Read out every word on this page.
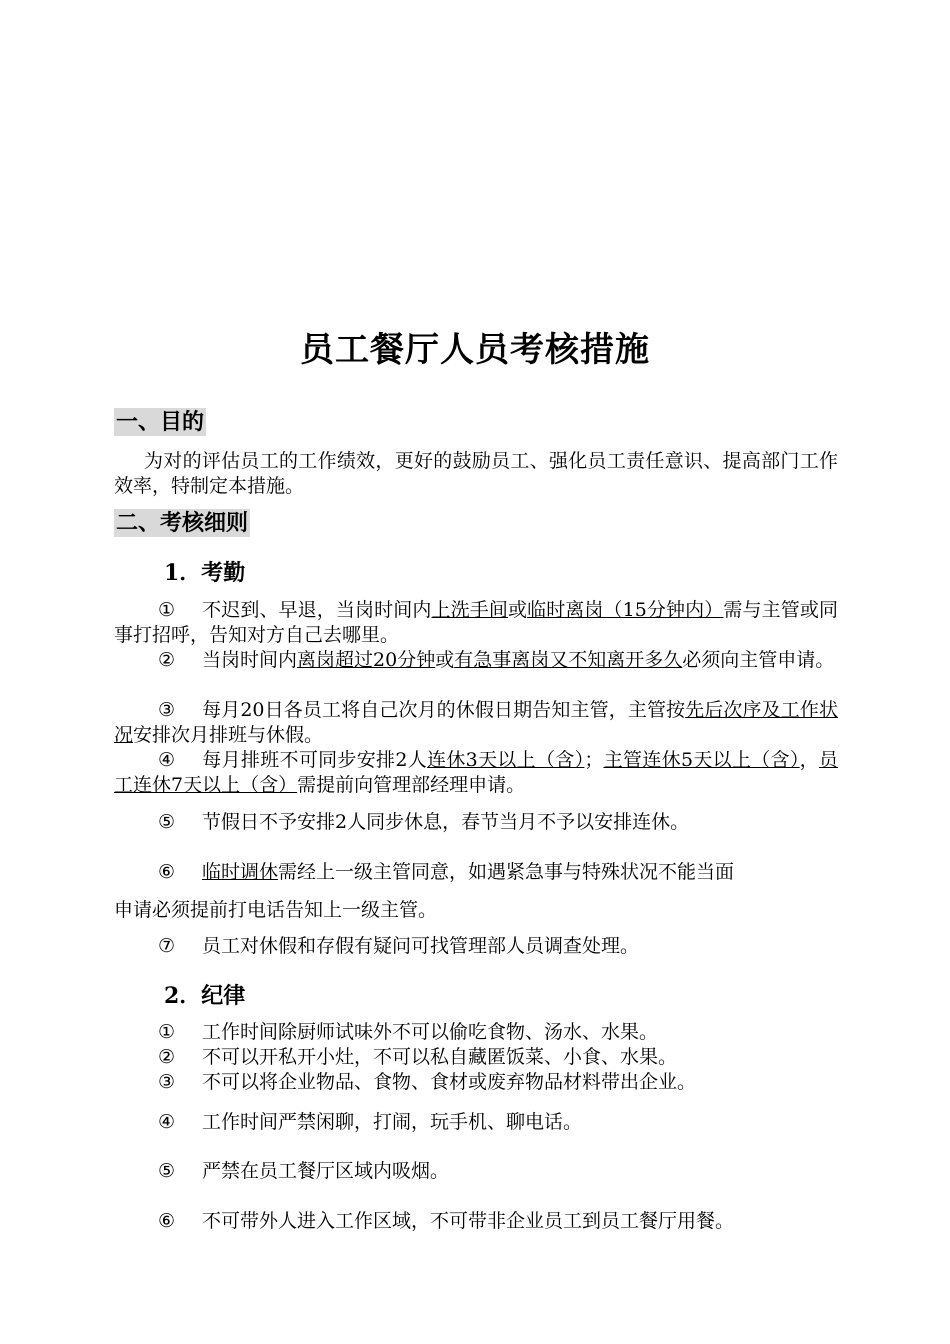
员工餐厅人员考核措施
一、目的
为对的评估员工的工作绩效，更好的鼓励员工、强化员工责任意识、提高部门工作效率，特制定本措施。
二、考核细则
1．考勤
① 不迟到、早退，当岗时间内上洗手间或临时离岗（15分钟内）需与主管或同事打招呼，告知对方自己去哪里。
② 当岗时间内离岗超过20分钟或有急事离岗又不知离开多久必须向主管申请。
③ 每月20日各员工将自己次月的休假日期告知主管，主管按先后次序及工作状况安排次月排班与休假。
④ 每月排班不可同步安排2人连休3天以上（含）；主管连休5天以上（含），员工连休7天以上（含）需提前向管理部经理申请。
⑤ 节假日不予安排2人同步休息，春节当月不予以安排连休。
⑥ 临时调休需经上一级主管同意，如遇紧急事与特殊状况不能当面
申请必须提前打电话告知上一级主管。
⑦ 员工对休假和存假有疑问可找管理部人员调查处理。
2．纪律
① 工作时间除厨师试味外不可以偷吃食物、汤水、水果。
② 不可以开私开小灶，不可以私自藏匿饭菜、小食、水果。
③ 不可以将企业物品、食物、食材或废弃物品材料带出企业。
④ 工作时间严禁闲聊，打闹，玩手机、聊电话。
⑤ 严禁在员工餐厅区域内吸烟。
⑥ 不可带外人进入工作区域，不可带非企业员工到员工餐厅用餐。
